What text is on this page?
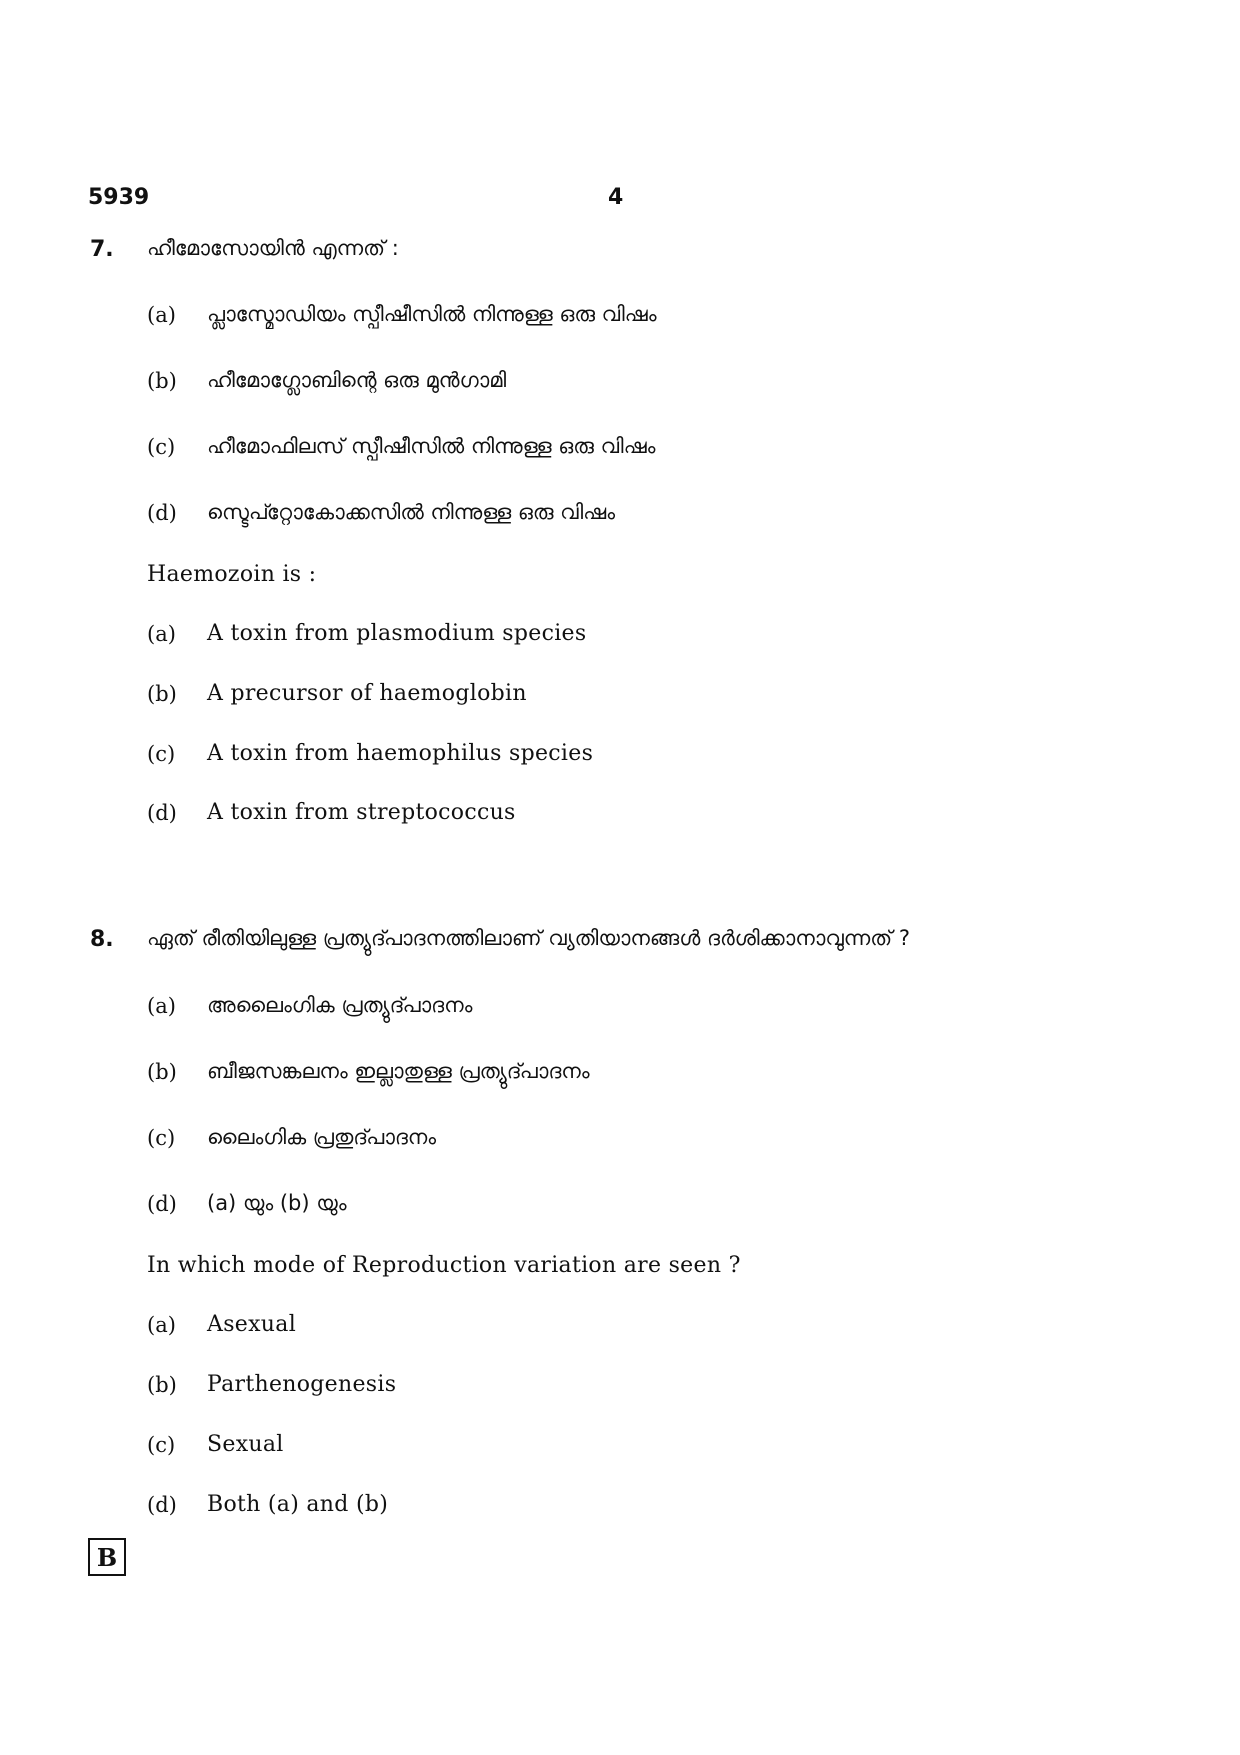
5939	4
7. ഹീമോസോയിൻ എന്നത് :
(a) പ്ലാസ്മോഡിയം സ്പീഷീസിൽ നിന്നുള്ള ഒരു വിഷം
(b) ഹീമോഗ്ലോബിന്റെ ഒരു മുൻഗാമി
(c) ഹീമോഫിലസ് സ്പീഷീസിൽ നിന്നുള്ള ഒരു വിഷം
(d) സ്ടെപ്റ്റോകോക്കസിൽ നിന്നുള്ള ഒരു വിഷം
Haemozoin is :
(a) A toxin from plasmodium species
(b) A precursor of haemoglobin
(c) A toxin from haemophilus species
(d) A toxin from streptococcus
8. ഏത് രീതിയിലുള്ള പ്രത്യുദ്പാദനത്തിലാണ് വ്യതിയാനങ്ങൾ ദർശിക്കാനാവുന്നത് ?
(a) അലൈംഗിക പ്രത്യുദ്പാദനം
(b) ബീജസങ്കലനം ഇല്ലാതുള്ള പ്രത്യുദ്പാദനം
(c) ലൈംഗിക പ്രതുദ്പാദനം
(d) (a) യും (b) യും
In which mode of Reproduction variation are seen ?
(a) Asexual
(b) Parthenogenesis
(c) Sexual
(d) Both (a) and (b)
B
